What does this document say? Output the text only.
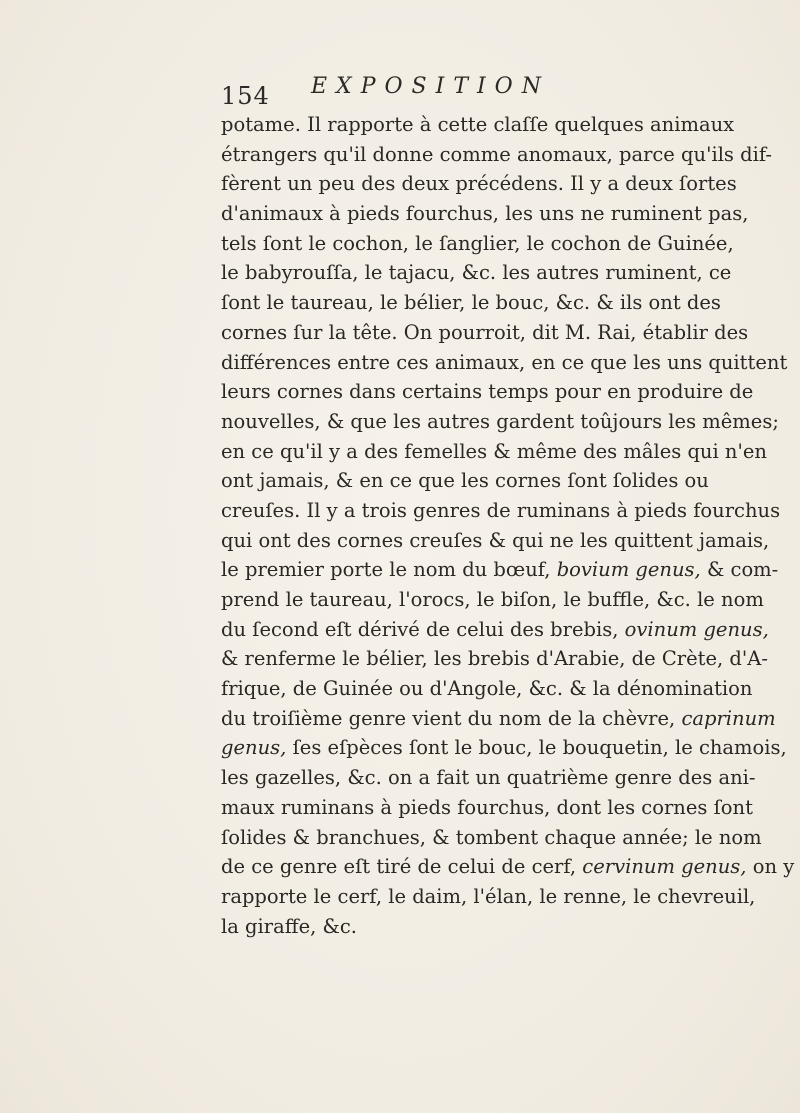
154 EXPOSITION
potame. Il rapporte à cette claſſe quelques animaux
étrangers qu'il donne comme anomaux, parce qu'ils dif-
fèrent un peu des deux précédens. Il y a deux ſortes
d'animaux à pieds fourchus, les uns ne ruminent pas,
tels ſont le cochon, le ſanglier, le cochon de Guinée,
le babyrouſſa, le tajacu, &c. les autres ruminent, ce
ſont le taureau, le bélier, le bouc, &c. & ils ont des
cornes ſur la tête. On pourroit, dit M. Rai, établir des
différences entre ces animaux, en ce que les uns quittent
leurs cornes dans certains temps pour en produire de
nouvelles, & que les autres gardent toûjours les mêmes;
en ce qu'il y a des femelles & même des mâles qui n'en
ont jamais, & en ce que les cornes ſont ſolides ou
creuſes. Il y a trois genres de ruminans à pieds fourchus
qui ont des cornes creuſes & qui ne les quittent jamais,
le premier porte le nom du bœuf, bovium genus, & com-
prend le taureau, l'orocs, le biſon, le buffle, &c. le nom
du ſecond eſt dérivé de celui des brebis, ovinum genus,
& renferme le bélier, les brebis d'Arabie, de Crète, d'A-
frique, de Guinée ou d'Angole, &c. & la dénomination
du troiſième genre vient du nom de la chèvre, caprinum
genus, ſes eſpèces ſont le bouc, le bouquetin, le chamois,
les gazelles, &c. on a fait un quatrième genre des ani-
maux ruminans à pieds fourchus, dont les cornes ſont
ſolides & branchues, & tombent chaque année; le nom
de ce genre eſt tiré de celui de cerf, cervinum genus, on y
rapporte le cerf, le daim, l'élan, le renne, le chevreuil,
la giraffe, &c.
